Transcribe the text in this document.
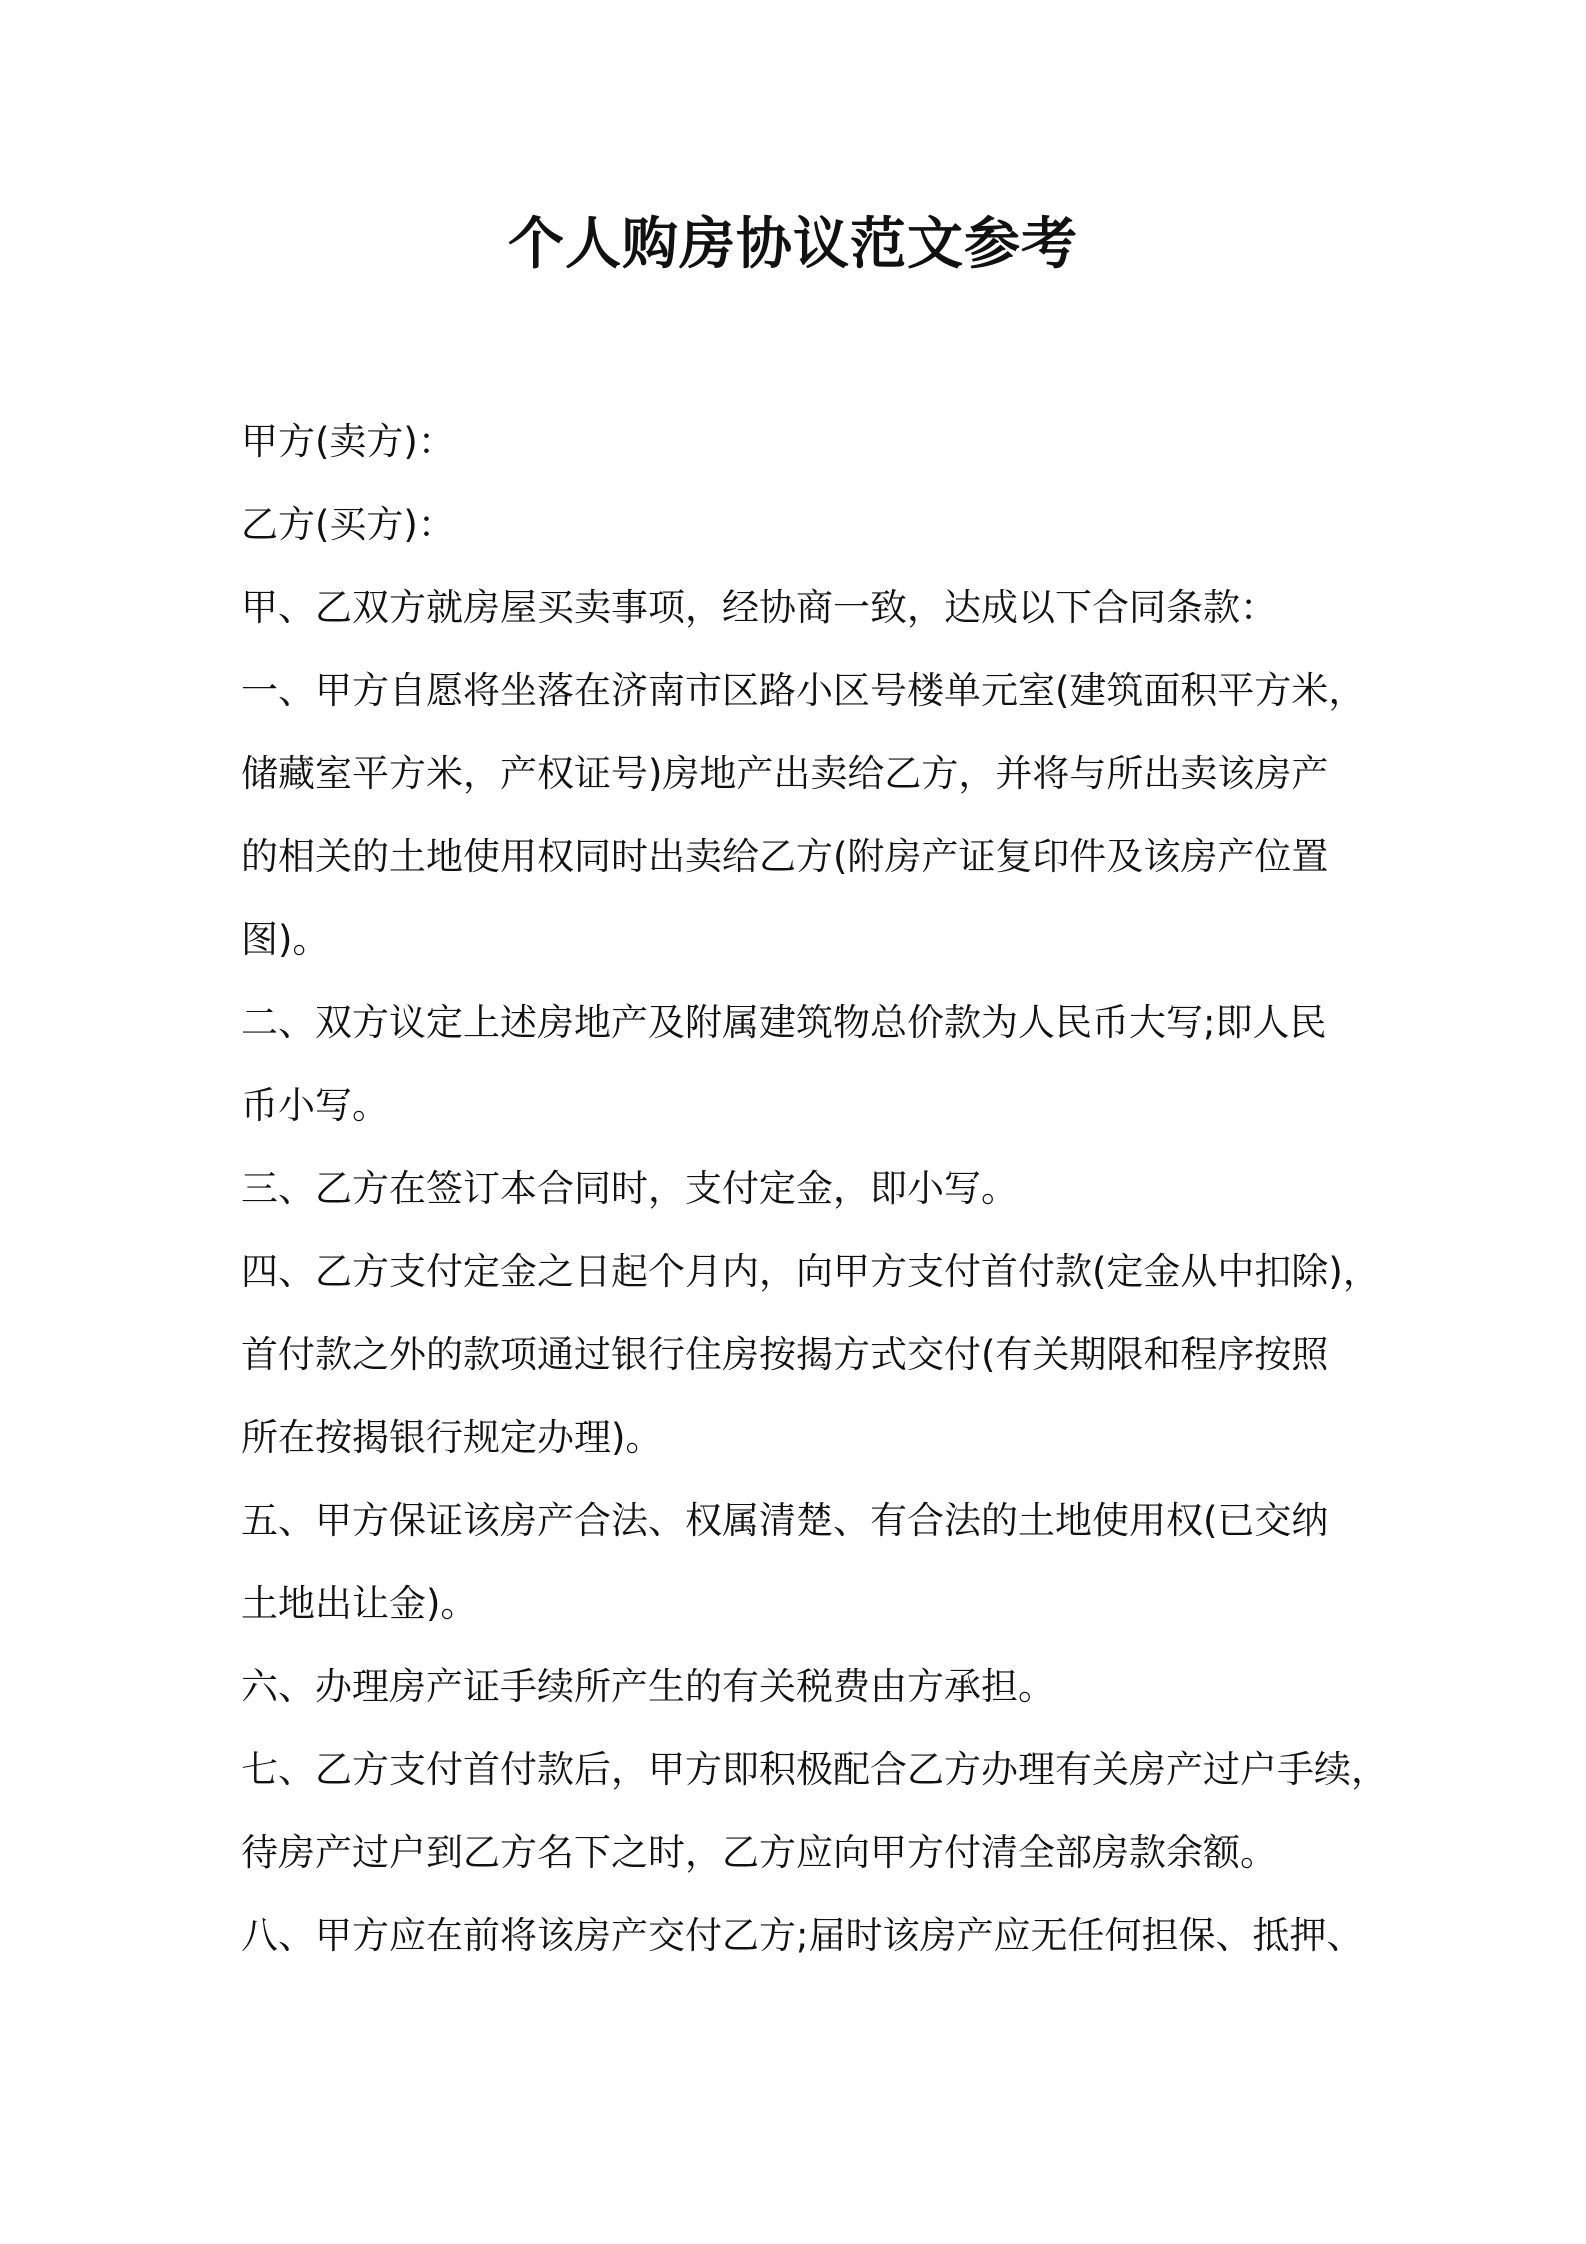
个人购房协议范文参考

甲方(卖方)：

乙方(买方)：

甲、乙双方就房屋买卖事项，经协商一致，达成以下合同条款：

一、甲方自愿将坐落在济南市区路小区号楼单元室(建筑面积平方米，

储藏室平方米，产权证号)房地产出卖给乙方，并将与所出卖该房产

的相关的土地使用权同时出卖给乙方(附房产证复印件及该房产位置

图)。

二、双方议定上述房地产及附属建筑物总价款为人民币大写;即人民

币小写。

三、乙方在签订本合同时，支付定金，即小写。

四、乙方支付定金之日起个月内，向甲方支付首付款(定金从中扣除)，

首付款之外的款项通过银行住房按揭方式交付(有关期限和程序按照

所在按揭银行规定办理)。

五、甲方保证该房产合法、权属清楚、有合法的土地使用权(已交纳

土地出让金)。

六、办理房产证手续所产生的有关税费由方承担。

七、乙方支付首付款后，甲方即积极配合乙方办理有关房产过户手续，

待房产过户到乙方名下之时，乙方应向甲方付清全部房款余额。

八、甲方应在前将该房产交付乙方;届时该房产应无任何担保、抵押、
